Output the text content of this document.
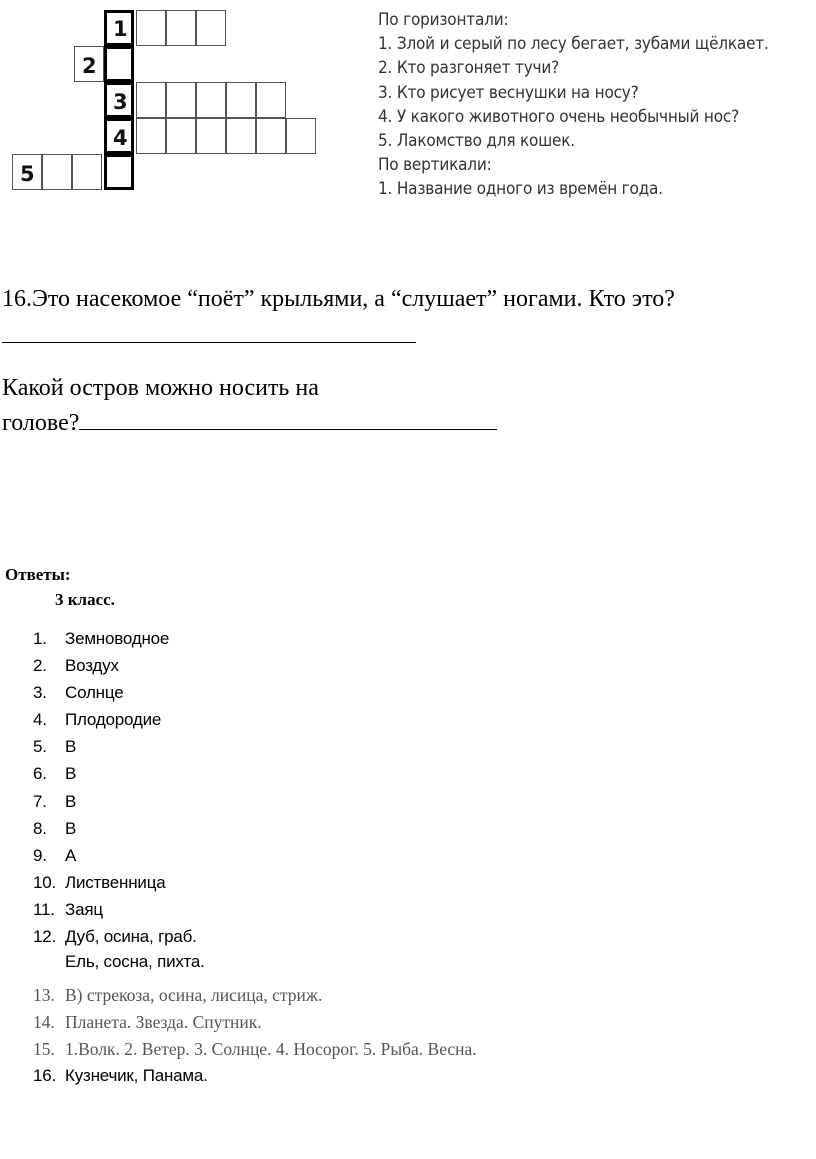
1
2
3
4
5
По горизонтали:
1. Злой и серый по лесу бегает, зубами щёлкает.
2. Кто разгоняет тучи?
3. Кто рисует веснушки на носу?
4. У какого животного очень необычный нос?
5. Лакомство для кошек.
По вертикали:
1. Название одного из времён года.
16.Это насекомое “поёт” крыльями, а “слушает” ногами. Кто это?
Какой остров можно носить на
голове?
Ответы:
3 класс.
1. Земноводное
2. Воздух
3. Солнце
4. Плодородие
5. В
6. В
7. В
8. В
9. А
10. Лиственница
11. Заяц
12. Дуб, осина, граб.
Ель, сосна, пихта.
13. В) стрекоза, осина, лисица, стриж.
14. Планета. Звезда. Спутник.
15. 1.Волк. 2. Ветер. 3. Солнце. 4. Носорог. 5. Рыба. Весна.
16. Кузнечик, Панама.
